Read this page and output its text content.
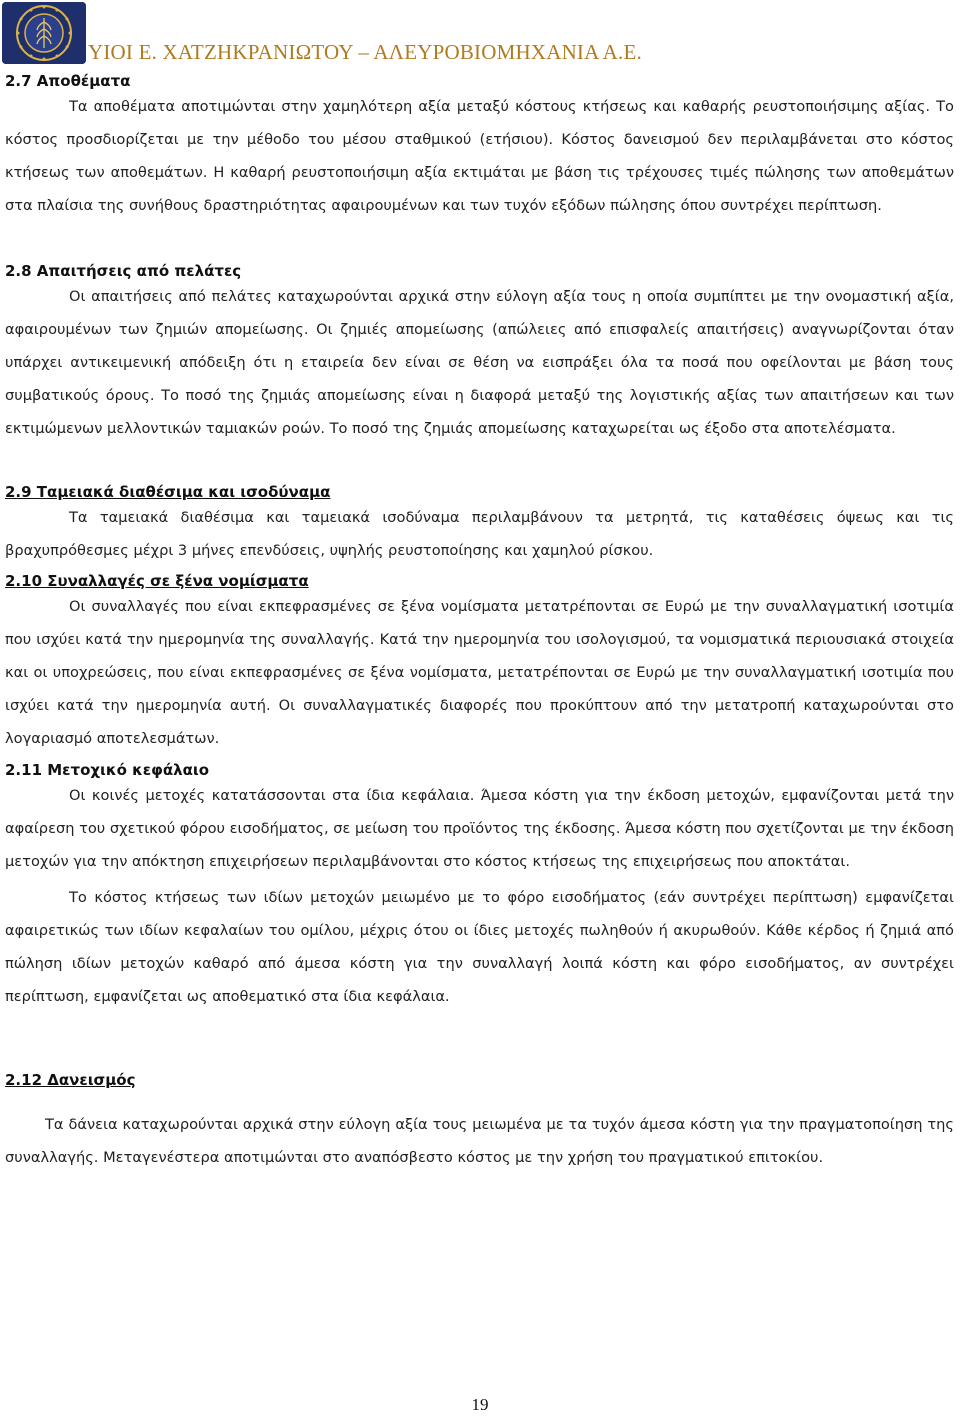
ΥΙΟΙ Ε. ΧΑΤΖΗΚΡΑΝΙΩΤΟΥ – ΑΛΕΥΡΟΒΙΟΜΗΧΑΝΙΑ Α.Ε.
2.7 Αποθέματα

Τα αποθέματα αποτιμώνται στην χαμηλότερη αξία μεταξύ κόστους κτήσεως και καθαρής ρευστοποιήσιμης αξίας. Το κόστος προσδιορίζεται με την μέθοδο του μέσου σταθμικού (ετήσιου). Κόστος δανεισμού δεν περιλαμβάνεται στο κόστος κτήσεως των αποθεμάτων. Η καθαρή ρευστοποιήσιμη αξία εκτιμάται με βάση τις τρέχουσες τιμές πώλησης των αποθεμάτων στα πλαίσια της συνήθους δραστηριότητας αφαιρουμένων και των τυχόν εξόδων πώλησης όπου συντρέχει περίπτωση.

2.8 Απαιτήσεις από πελάτες

Οι απαιτήσεις από πελάτες καταχωρούνται αρχικά στην εύλογη αξία τους η οποία συμπίπτει με την ονομαστική αξία, αφαιρουμένων των ζημιών απομείωσης. Οι ζημιές απομείωσης (απώλειες από επισφαλείς απαιτήσεις) αναγνωρίζονται όταν υπάρχει αντικειμενική απόδειξη ότι η εταιρεία δεν είναι σε θέση να εισπράξει όλα τα ποσά που οφείλονται με βάση τους συμβατικούς όρους. Το ποσό της ζημιάς απομείωσης είναι η διαφορά μεταξύ της λογιστικής αξίας των απαιτήσεων και των εκτιμώμενων μελλοντικών ταμιακών ροών. Το ποσό της ζημιάς απομείωσης καταχωρείται ως έξοδο στα αποτελέσματα.

2.9 Ταμειακά διαθέσιμα και ισοδύναμα

Τα ταμειακά διαθέσιμα και ταμειακά ισοδύναμα περιλαμβάνουν τα μετρητά, τις καταθέσεις όψεως και τις βραχυπρόθεσμες μέχρι 3 μήνες επενδύσεις, υψηλής ρευστοποίησης και χαμηλού ρίσκου.

2.10 Συναλλαγές σε ξένα νομίσματα

Οι συναλλαγές που είναι εκπεφρασμένες σε ξένα νομίσματα μετατρέπονται σε Ευρώ με την συναλλαγματική ισοτιμία που ισχύει κατά την ημερομηνία της συναλλαγής. Κατά την ημερομηνία του ισολογισμού, τα νομισματικά περιουσιακά στοιχεία και οι υποχρεώσεις, που είναι εκπεφρασμένες σε ξένα νομίσματα, μετατρέπονται σε Ευρώ με την συναλλαγματική ισοτιμία που ισχύει κατά την ημερομηνία αυτή. Οι συναλλαγματικές διαφορές που προκύπτουν από την μετατροπή καταχωρούνται στο λογαριασμό αποτελεσμάτων.

2.11 Μετοχικό κεφάλαιο

Οι κοινές μετοχές κατατάσσονται στα ίδια κεφάλαια. Άμεσα κόστη για την έκδοση μετοχών, εμφανίζονται μετά την αφαίρεση του σχετικού φόρου εισοδήματος, σε μείωση του προϊόντος της έκδοσης. Άμεσα κόστη που σχετίζονται με την έκδοση μετοχών για την απόκτηση επιχειρήσεων περιλαμβάνονται στο κόστος κτήσεως της επιχειρήσεως που αποκτάται.

Το κόστος κτήσεως των ιδίων μετοχών μειωμένο με το φόρο εισοδήματος (εάν συντρέχει περίπτωση) εμφανίζεται αφαιρετικώς των ιδίων κεφαλαίων του ομίλου, μέχρις ότου οι ίδιες μετοχές πωληθούν ή ακυρωθούν. Κάθε κέρδος ή ζημιά από πώληση ιδίων μετοχών καθαρό από άμεσα κόστη για την συναλλαγή λοιπά κόστη και φόρο εισοδήματος, αν συντρέχει περίπτωση, εμφανίζεται ως αποθεματικό στα ίδια κεφάλαια.

2.12 Δανεισμός

Τα δάνεια καταχωρούνται αρχικά στην εύλογη αξία τους μειωμένα με τα τυχόν άμεσα κόστη για την πραγματοποίηση της συναλλαγής. Μεταγενέστερα αποτιμώνται στο αναπόσβεστο κόστος με την χρήση του πραγματικού επιτοκίου.

19
